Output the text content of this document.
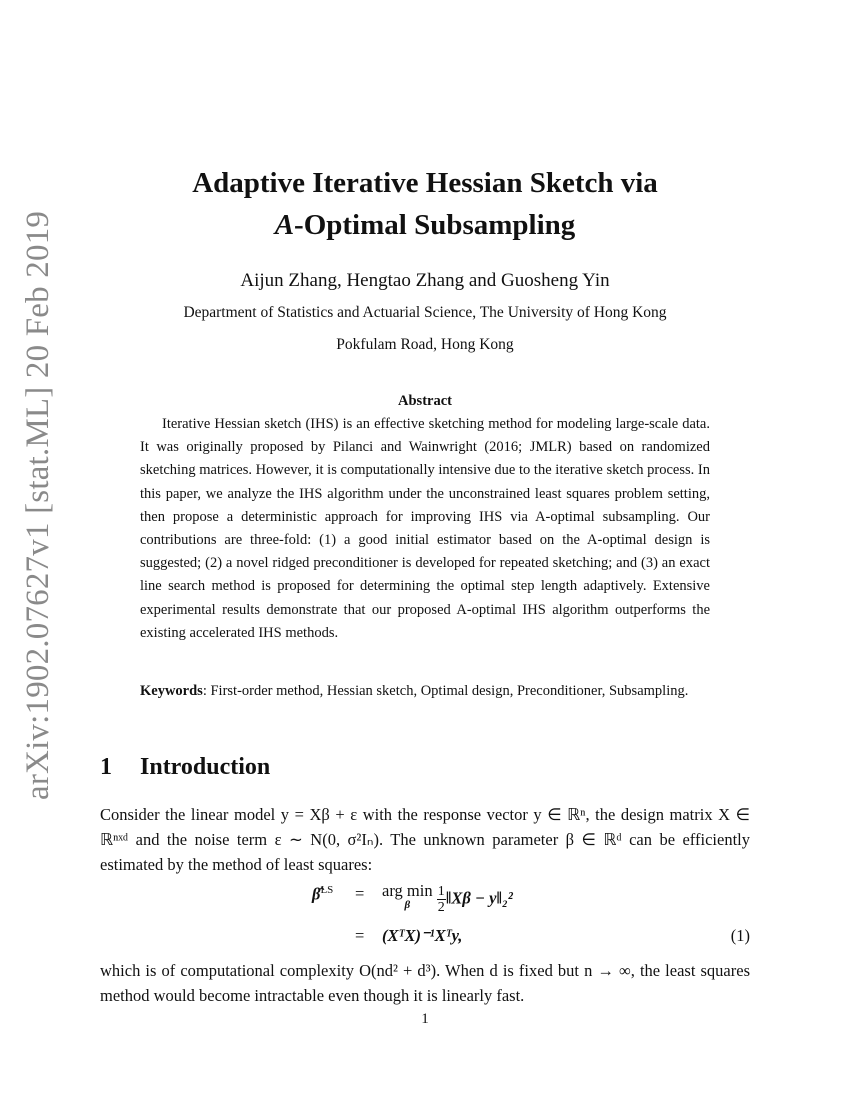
arXiv:1902.07627v1 [stat.ML] 20 Feb 2019
Adaptive Iterative Hessian Sketch via
A-Optimal Subsampling
Aijun Zhang, Hengtao Zhang and Guosheng Yin
Department of Statistics and Actuarial Science, The University of Hong Kong
Pokfulam Road, Hong Kong
Abstract

Iterative Hessian sketch (IHS) is an effective sketching method for modeling large-scale data. It was originally proposed by Pilanci and Wainwright (2016; JMLR) based on randomized sketching matrices. However, it is computationally intensive due to the iterative sketch process. In this paper, we analyze the IHS algorithm under the unconstrained least squares problem setting, then propose a deterministic approach for improving IHS via A-optimal subsampling. Our contributions are three-fold: (1) a good initial estimator based on the A-optimal design is suggested; (2) a novel ridged preconditioner is developed for repeated sketching; and (3) an exact line search method is proposed for determining the optimal step length adaptively. Extensive experimental results demonstrate that our proposed A-optimal IHS algorithm outperforms the existing accelerated IHS methods.

Keywords: First-order method, Hessian sketch, Optimal design, Preconditioner, Subsampling.
1 Introduction
Consider the linear model y = Xβ + ε with the response vector y ∈ ℝⁿ, the design matrix X ∈ ℝⁿˣᵈ and the noise term ε ∼ N(0, σ²Iₙ). The unknown parameter β ∈ ℝᵈ can be efficiently estimated by the method of least squares:
β̂$^{LS}$ = arg min
β
	$\frac{1}{2}‖X\beta$ − y‖₂²
= (XᵀX)⁻¹Xᵀy,	(1)
which is of computational complexity O(nd² + d³). When d is fixed but n → ∞, the least squares method would become intractable even though it is linearly fast.
1
